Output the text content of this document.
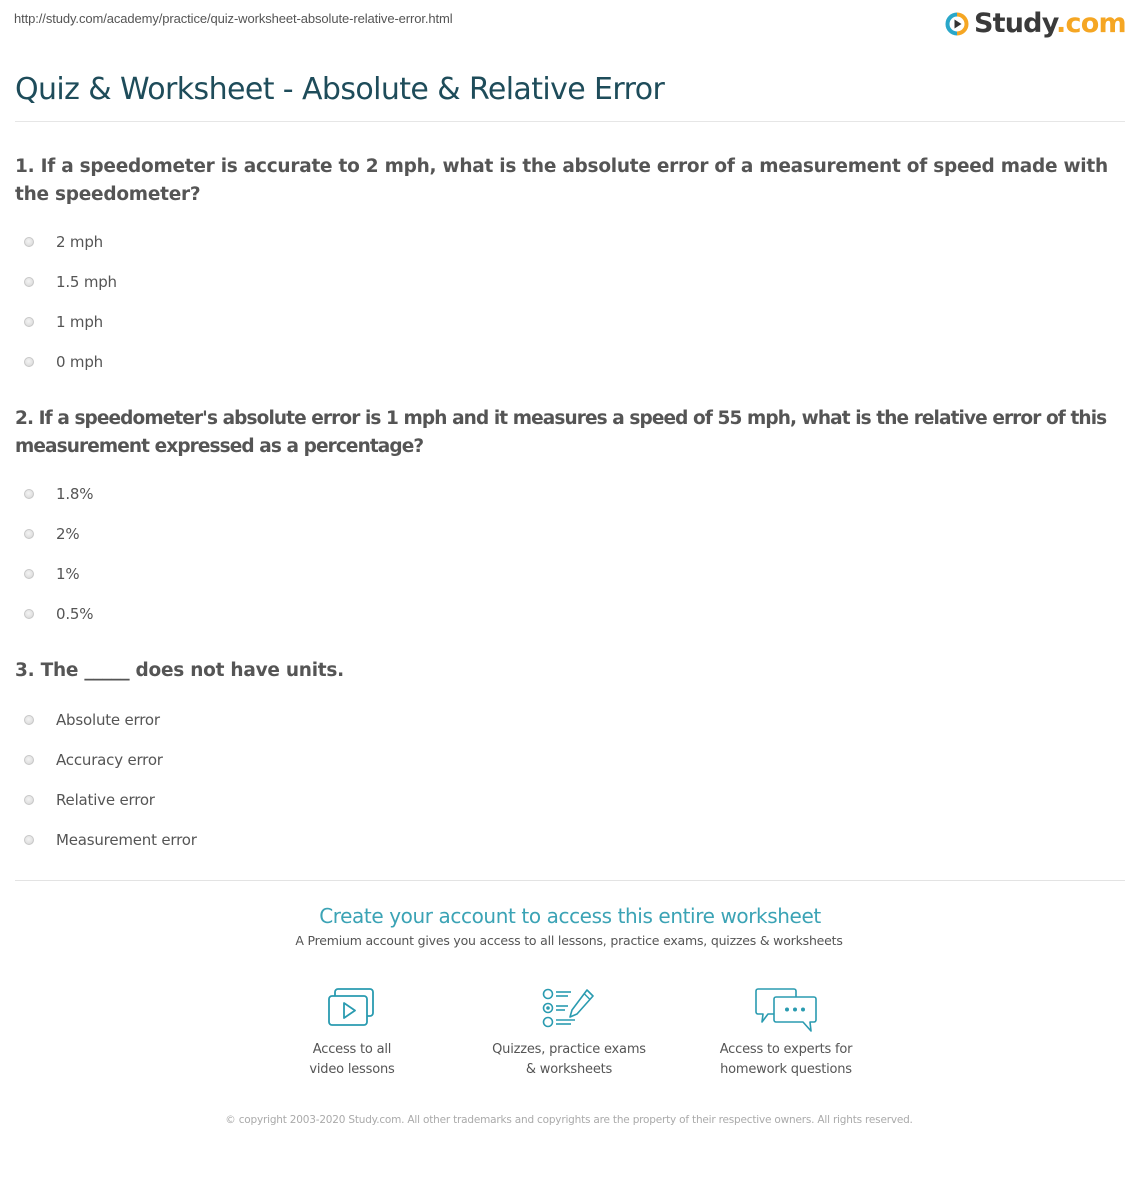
http://study.com/academy/practice/quiz-worksheet-absolute-relative-error.html	Study.com
Quiz & Worksheet - Absolute & Relative Error
1. If a speedometer is accurate to 2 mph, what is the absolute error of a measurement of speed made with the speedometer?
2 mph
1.5 mph
1 mph
0 mph
2. If a speedometer's absolute error is 1 mph and it measures a speed of 55 mph, what is the relative error of this measurement expressed as a percentage?
1.8%
2%
1%
0.5%
3. The _____ does not have units.
Absolute error
Accuracy error
Relative error
Measurement error
Create your account to access this entire worksheet
A Premium account gives you access to all lessons, practice exams, quizzes & worksheets
Access to all
video lessons
Quizzes, practice exams
& worksheets
Access to experts for
homework questions
© copyright 2003-2020 Study.com. All other trademarks and copyrights are the property of their respective owners. All rights reserved.
